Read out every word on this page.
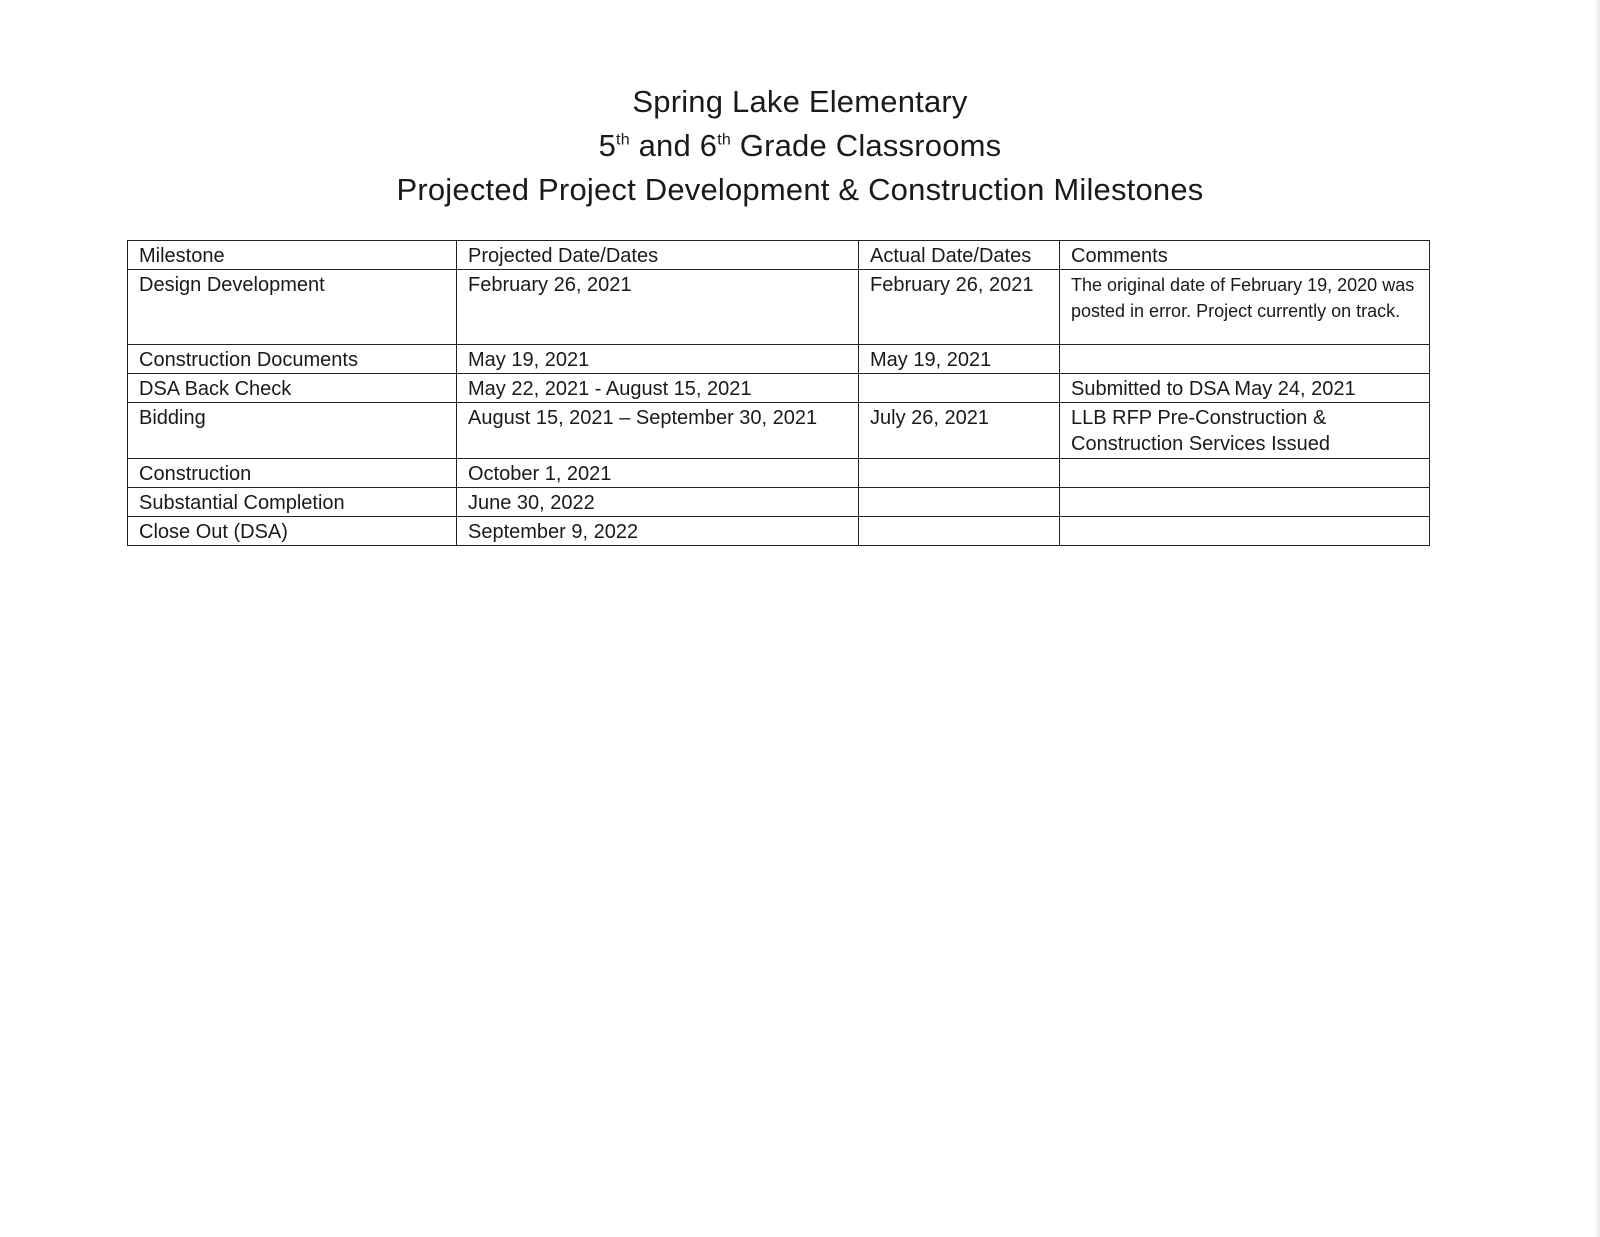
Spring Lake Elementary
5th and 6th Grade Classrooms
Projected Project Development & Construction Milestones
Milestone	Projected Date/Dates	Actual Date/Dates	Comments
Design Development	February 26, 2021	February 26, 2021	The original date of February 19, 2020 was posted in error. Project currently on track.
Construction Documents	May 19, 2021	May 19, 2021	
DSA Back Check	May 22, 2021 - August 15, 2021		Submitted to DSA May 24, 2021
Bidding	August 15, 2021 – September 30, 2021	July 26, 2021	LLB RFP Pre-Construction & Construction Services Issued
Construction	October 1, 2021		
Substantial Completion	June 30, 2022		
Close Out (DSA)	September 9, 2022		
